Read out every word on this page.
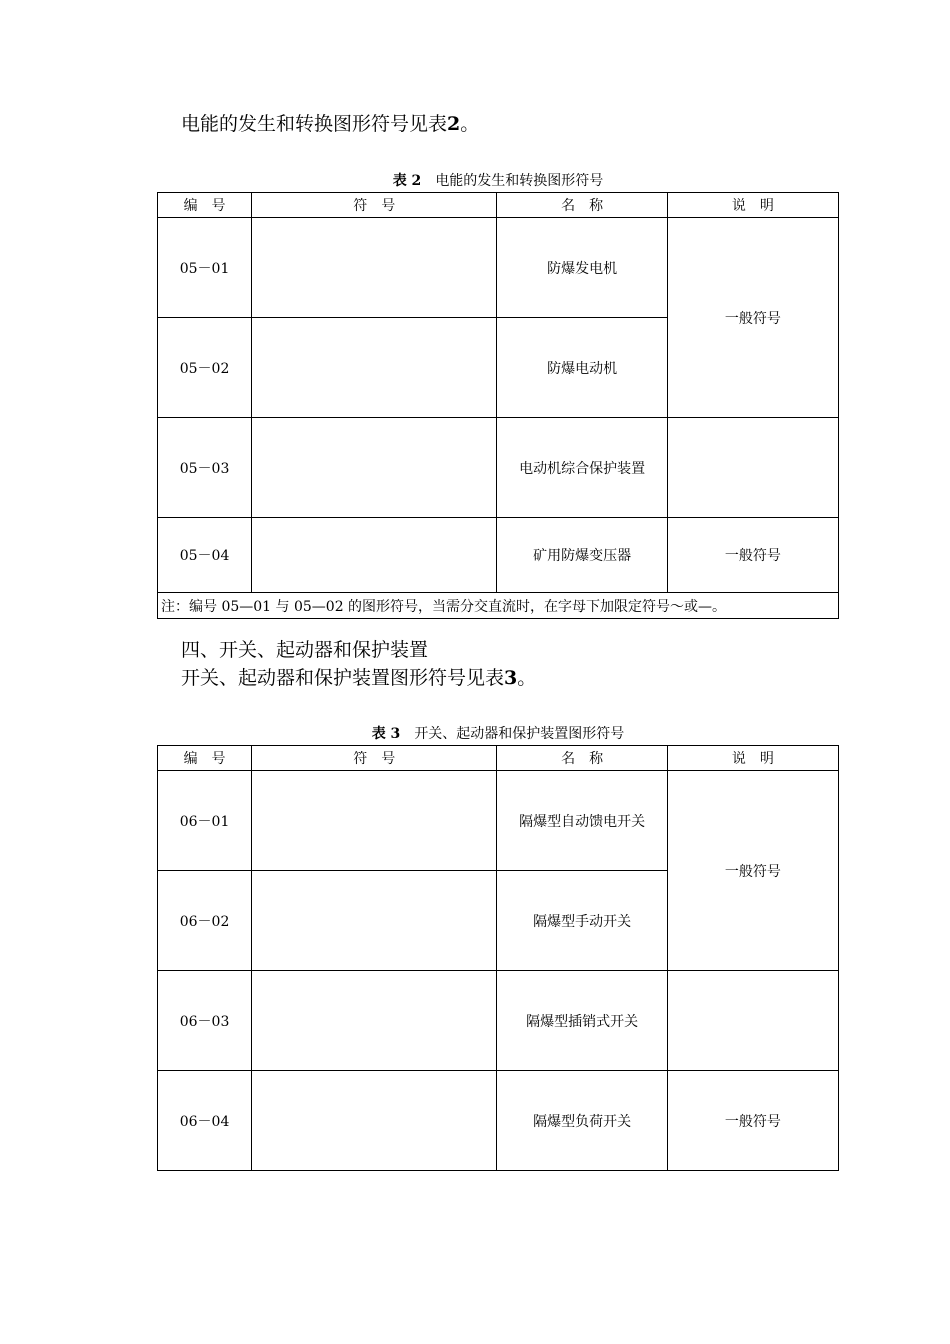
电能的发生和转换图形符号见表2。

表 2 电能的发生和转换图形符号
编　号	符　号	名　称	说　明
05－01		防爆发电机	一般符号
05－02		防爆电动机	
05－03		电动机综合保护装置	
05－04		矿用防爆变压器	一般符号
注：编号 05—01 与 05—02 的图形符号，当需分交直流时，在字母下加限定符号～或—。			

四、开关、起动器和保护装置

开关、起动器和保护装置图形符号见表3。

表 3 开关、起动器和保护装置图形符号
编　号	符　号	名　称	说　明
06－01		隔爆型自动馈电开关	一般符号
06－02		隔爆型手动开关	
06－03		隔爆型插销式开关	
06－04		隔爆型负荷开关	一般符号
